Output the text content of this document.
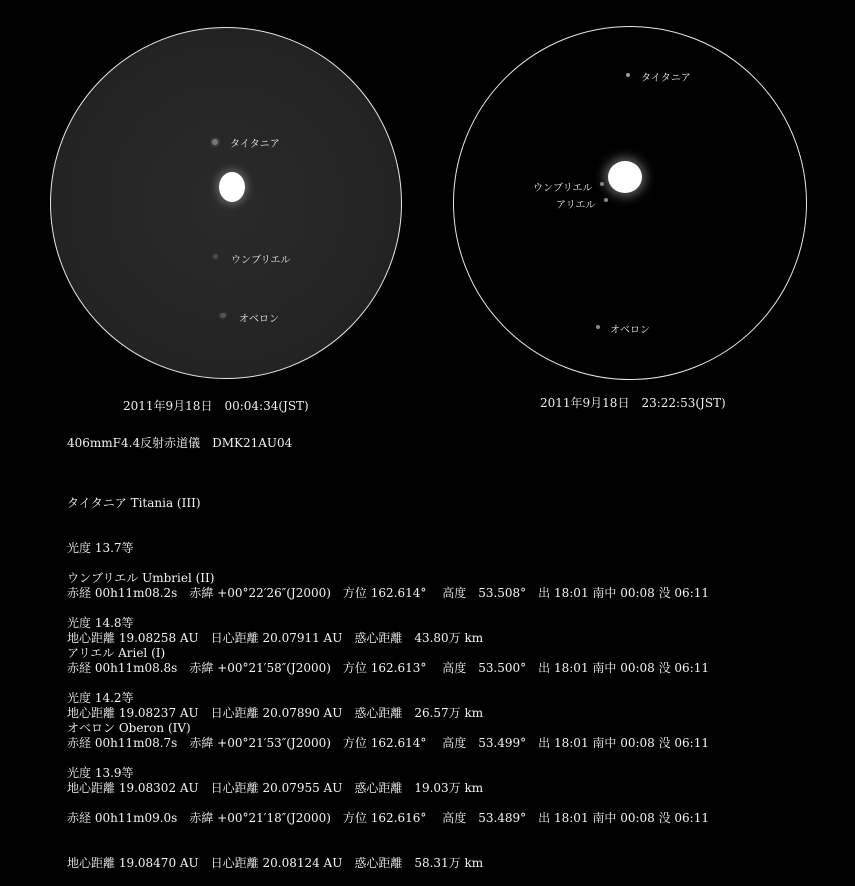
タイタニア
ウンブリエル
オベロン
2011年9月18日　00:04:34(JST)
タイタニア
ウンブリエル
アリエル
オベロン
2011年9月18日　23:22:53(JST)
406mmF4.4反射赤道儀　DMK21AU04

タイタニア Titania (III)

光度 13.7等

赤経 00h11m08.2s　赤緯 +00°22′26″(J2000)　方位 162.614°　 高度　53.508°　出 18:01 南中 00:08 没 06:11

地心距離 19.08258 AU　日心距離 20.07911 AU　惑心距離　43.80万 km

ウンブリエル Umbriel (II)

光度 14.8等

赤経 00h11m08.8s　赤緯 +00°21′58″(J2000)　方位 162.613°　 高度　53.500°　出 18:01 南中 00:08 没 06:11

地心距離 19.08237 AU　日心距離 20.07890 AU　惑心距離　26.57万 km

アリエル Ariel (I)

光度 14.2等

赤経 00h11m08.7s　赤緯 +00°21′53″(J2000)　方位 162.614°　 高度　53.499°　出 18:01 南中 00:08 没 06:11

地心距離 19.08302 AU　日心距離 20.07955 AU　惑心距離　19.03万 km

オベロン Oberon (IV)

光度 13.9等

赤経 00h11m09.0s　赤緯 +00°21′18″(J2000)　方位 162.616°　 高度　53.489°　出 18:01 南中 00:08 没 06:11

地心距離 19.08470 AU　日心距離 20.08124 AU　惑心距離　58.31万 km
